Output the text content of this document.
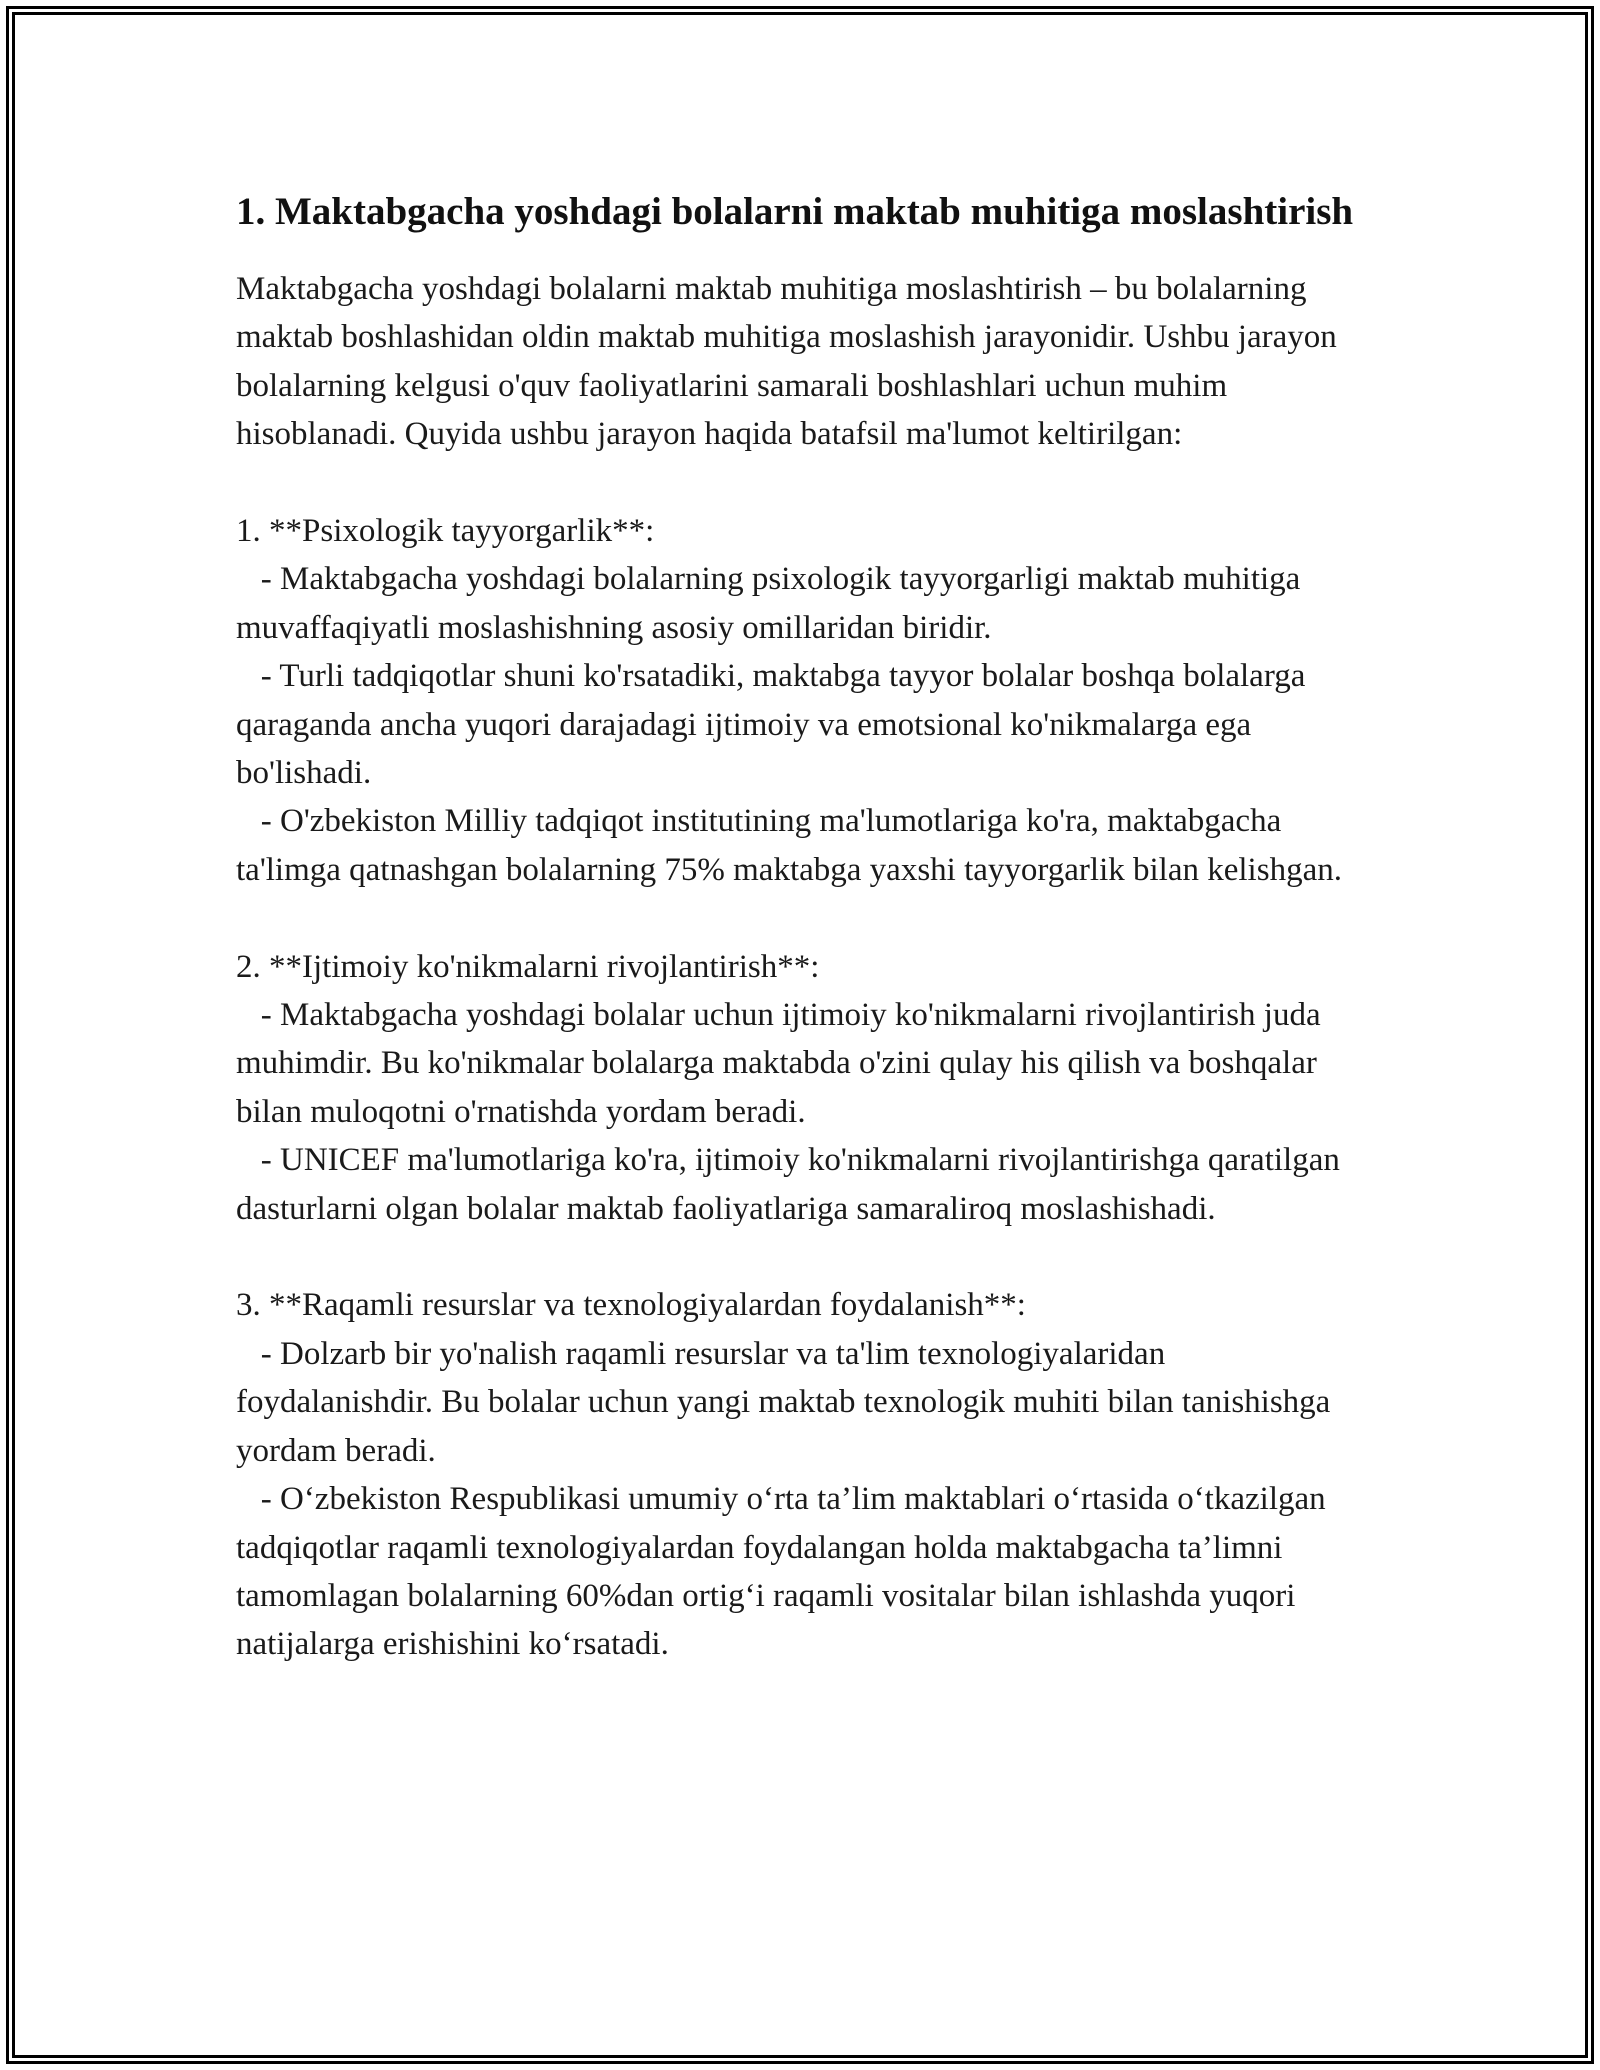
1. Maktabgacha yoshdagi bolalarni maktab muhitiga moslashtirish

Maktabgacha yoshdagi bolalarni maktab muhitiga moslashtirish – bu bolalarning maktab boshlashidan oldin maktab muhitiga moslashish jarayonidir. Ushbu jarayon bolalarning kelgusi o'quv faoliyatlarini samarali boshlashlari uchun muhim hisoblanadi. Quyida ushbu jarayon haqida batafsil ma'lumot keltirilgan:

1. **Psixologik tayyorgarlik**:

- Maktabgacha yoshdagi bolalarning psixologik tayyorgarligi maktab muhitiga muvaffaqiyatli moslashishning asosiy omillaridan biridir.

- Turli tadqiqotlar shuni ko'rsatadiki, maktabga tayyor bolalar boshqa bolalarga qaraganda ancha yuqori darajadagi ijtimoiy va emotsional ko'nikmalarga ega bo'lishadi.

- O'zbekiston Milliy tadqiqot institutining ma'lumotlariga ko'ra, maktabgacha ta'limga qatnashgan bolalarning 75% maktabga yaxshi tayyorgarlik bilan kelishgan.

2. **Ijtimoiy ko'nikmalarni rivojlantirish**:

- Maktabgacha yoshdagi bolalar uchun ijtimoiy ko'nikmalarni rivojlantirish juda muhimdir. Bu ko'nikmalar bolalarga maktabda o'zini qulay his qilish va boshqalar bilan muloqotni o'rnatishda yordam beradi.

- UNICEF ma'lumotlariga ko'ra, ijtimoiy ko'nikmalarni rivojlantirishga qaratilgan dasturlarni olgan bolalar maktab faoliyatlariga samaraliroq moslashishadi.

3. **Raqamli resurslar va texnologiyalardan foydalanish**:

- Dolzarb bir yo'nalish raqamli resurslar va ta'lim texnologiyalaridan foydalanishdir. Bu bolalar uchun yangi maktab texnologik muhiti bilan tanishishga yordam beradi.

- O‘zbekiston Respublikasi umumiy o‘rta ta’lim maktablari o‘rtasida o‘tkazilgan tadqiqotlar raqamli texnologiyalardan foydalangan holda maktabgacha ta’limni tamomlagan bolalarning 60%dan ortig‘i raqamli vositalar bilan ishlashda yuqori natijalarga erishishini ko‘rsatadi.
